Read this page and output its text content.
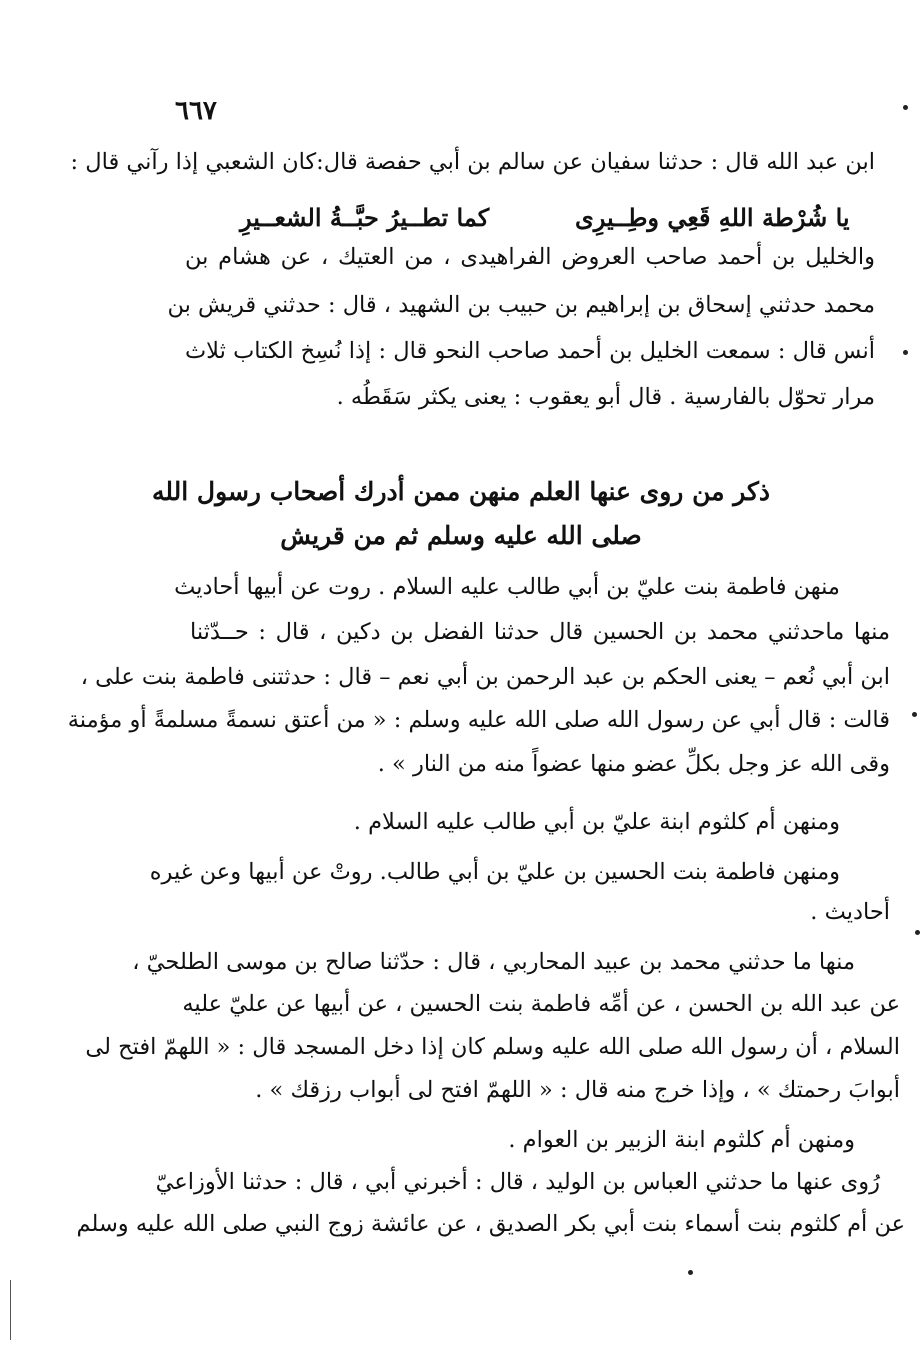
٦٦٧
ابن عبد الله قال : حدثنا سفيان عن سالم بن أبي حفصة قال:كان الشعبي إذا رآني قال :
يا شُرْطة اللهِ قَعِي وطِــيرِى
كما تطــيرُ حبَّــةُ الشعــيرِ
والخليل بن أحمد صاحب العروض الفراهيدى ، من العتيك ، عن هشام بن
محمد حدثني إسحاق بن إبراهيم بن حبيب بن الشهيد ، قال : حدثني قريش بن
أنس قال : سمعت الخليل بن أحمد صاحب النحو قال : إذا نُسِخ الكتاب ثلاث
مرار تحوّل بالفارسية . قال أبو يعقوب : يعنى يكثر سَقَطُه .
ذكر من روى عنها العلم منهن ممن أدرك أصحاب رسول الله
صلى الله عليه وسلم ثم من قريش
منهن فاطمة بنت عليّ بن أبي طالب عليه السلام . روت عن أبيها أحاديث
منها ماحدثني محمد بن الحسين قال حدثنا الفضل بن دكين ، قال : حــدّثنا
ابن أبي نُعم – يعنى الحكم بن عبد الرحمن بن أبي نعم – قال : حدثتنى فاطمة بنت على ،
قالت : قال أبي عن رسول الله صلى الله عليه وسلم : « من أعتق نسمةً مسلمةً أو مؤمنة
وقى الله عز وجل بكلِّ عضو منها عضواً منه من النار » .
ومنهن أم كلثوم ابنة عليّ بن أبي طالب عليه السلام .
ومنهن فاطمة بنت الحسين بن عليّ بن أبي طالب. روتْ عن أبيها وعن غيره
أحاديث .
منها ما حدثني محمد بن عبيد المحاربي ، قال : حدّثنا صالح بن موسى الطلحيّ ،
عن عبد الله بن الحسن ، عن أمِّه فاطمة بنت الحسين ، عن أبيها عن عليّ عليه
السلام ، أن رسول الله صلى الله عليه وسلم كان إذا دخل المسجد قال : « اللهمّ افتح لى
أبوابَ رحمتك » ، وإذا خرج منه قال : « اللهمّ افتح لى أبواب رزقك » .
ومنهن أم كلثوم ابنة الزبير بن العوام .
رُوى عنها ما حدثني العباس بن الوليد ، قال : أخبرني أبي ، قال : حدثنا الأوزاعيّ
عن أم كلثوم بنت أسماء بنت أبي بكر الصديق ، عن عائشة زوج النبي صلى الله عليه وسلم
